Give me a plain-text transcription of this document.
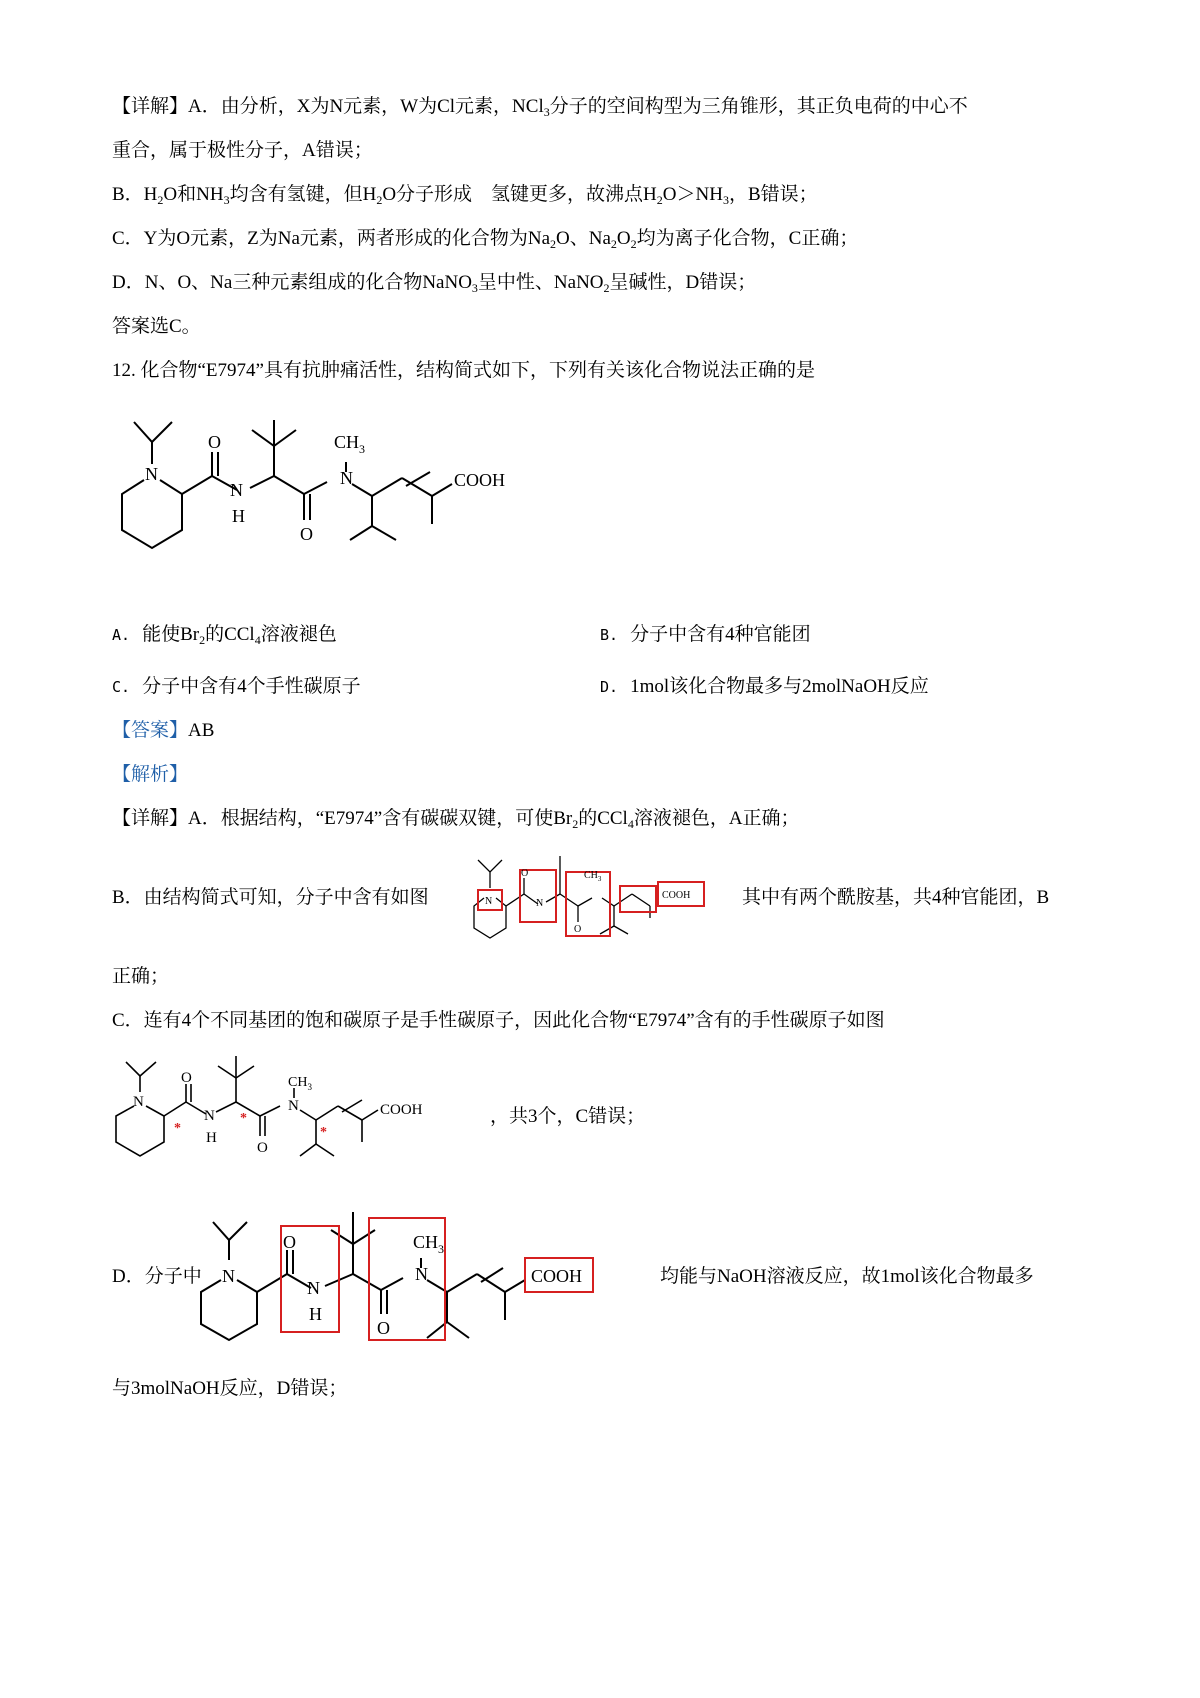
【详解】A．由分析，X为N元素，W为Cl元素，NCl$_3$分子的空间构型为三角锥形，其正负电荷的中心不
重合，属于极性分子，A错误；
B．$H_2O$和$NH_3$均含有氢键，但$H_2O$分子形成　氢键更多，故沸点$H_2O>NH_3$，B错误；
C．Y为O元素，Z为Na元素，两者形成的化合物为$Na_2O$、$Na_2O_2$均为离子化合物，C正确；
D．N、O、Na三种元素组成的化合物NaNO$_3$呈中性、NaNO$_2$呈碱性，D错误；
答案选C。
12. 化合物“E7974”具有抗肿痛活性，结构简式如下，下列有关该化合物说法正确的是
N
O
N
H
O
N
$CH_3$
COOH
A. 能使$Br_2$的CCl$_4$溶液褪色	B. 分子中含有4种官能团
C. 分子中含有4个手性碳原子	D. 1mol该化合物最多与2molNaOH反应
【答案】AB
【解析】
【详解】A．根据结构，“E7974”含有碳碳双键，可使$Br_2$的CCl$_4$溶液褪色，A正确；
B．由结构简式可知，分子中含有如图	N
O
N
O
$CH_3$
COOH	其中有两个酰胺基，共4种官能团，B
正确；
C．连有4个不同基团的饱和碳原子是手性碳原子，因此化合物“E7974”含有的手性碳原子如图
N
O
N
H
O
N
$CH_3$
COOH
*
*
*
，共3个，C错误；
D．分子中 N
O
N
H
O
N
$CH_3$
COOH	均能与NaOH溶液反应，故1mol该化合物最多
与3molNaOH反应，D错误；
